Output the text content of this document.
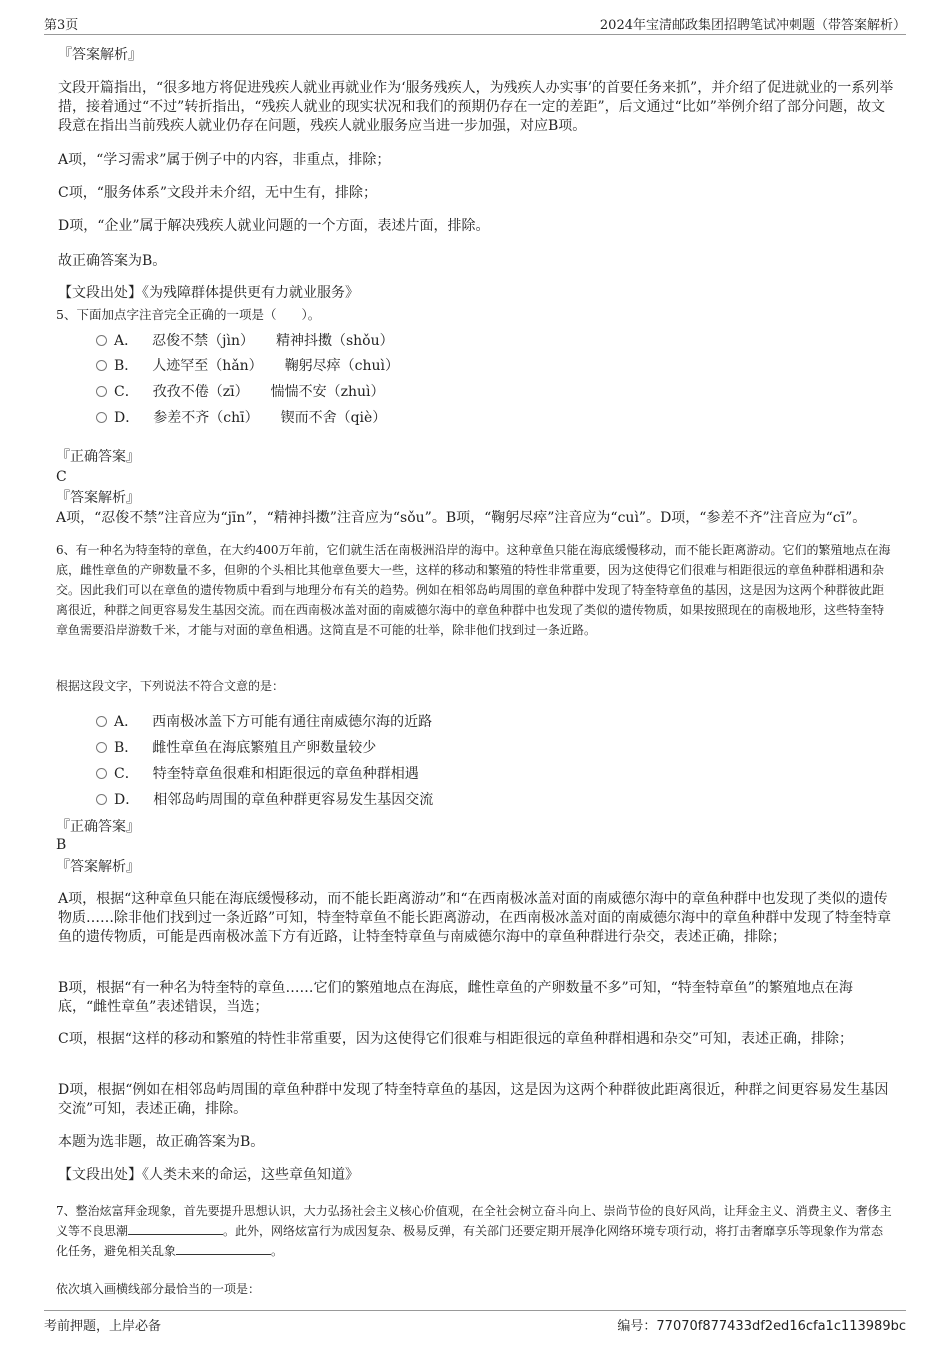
第3页	2024年宝清邮政集团招聘笔试冲刺题（带答案解析）

『答案解析』

文段开篇指出，“很多地方将促进残疾人就业再就业作为‘服务残疾人，为残疾人办实事’的首要任务来抓”，并介绍了促进就业的一系列举措，接着通过“不过”转折指出，“残疾人就业的现实状况和我们的预期仍存在一定的差距”，后文通过“比如”举例介绍了部分问题，故文段意在指出当前残疾人就业仍存在问题，残疾人就业服务应当进一步加强，对应B项。

A项，“学习需求”属于例子中的内容，非重点，排除；

C项，“服务体系”文段并未介绍，无中生有，排除；

D项，“企业”属于解决残疾人就业问题的一个方面，表述片面，排除。

故正确答案为B。

【文段出处】《为残障群体提供更有力就业服务》

5、下面加点字注音完全正确的一项是（　　）。

A． 忍俊不禁（jìn） 精神抖擞（shǒu）
B． 人迹罕至（hǎn） 鞠躬尽瘁（chuì）
C． 孜孜不倦（zī） 惴惴不安（zhuì）
D． 参差不齐（chī） 锲而不舍（qiè）

『正确答案』

C

『答案解析』

A项，“忍俊不禁”注音应为“jīn”，“精神抖擞”注音应为“sǒu”。B项，“鞠躬尽瘁”注音应为“cuì”。D项，“参差不齐”注音应为“cī”。

6、有一种名为特奎特的章鱼，在大约400万年前，它们就生活在南极洲沿岸的海中。这种章鱼只能在海底缓慢移动，而不能长距离游动。它们的繁殖地点在海底，雌性章鱼的产卵数量不多，但卵的个头相比其他章鱼要大一些，这样的移动和繁殖的特性非常重要，因为这使得它们很难与相距很远的章鱼种群相遇和杂交。因此我们可以在章鱼的遗传物质中看到与地理分布有关的趋势。例如在相邻岛屿周围的章鱼种群中发现了特奎特章鱼的基因，这是因为这两个种群彼此距离很近，种群之间更容易发生基因交流。而在西南极冰盖对面的南威德尔海中的章鱼种群中也发现了类似的遗传物质，如果按照现在的南极地形，这些特奎特章鱼需要沿岸游数千米，才能与对面的章鱼相遇。这简直是不可能的壮举，除非他们找到过一条近路。

根据这段文字，下列说法不符合文意的是：

A． 西南极冰盖下方可能有通往南威德尔海的近路
B． 雌性章鱼在海底繁殖且产卵数量较少
C． 特奎特章鱼很难和相距很远的章鱼种群相遇
D． 相邻岛屿周围的章鱼种群更容易发生基因交流

『正确答案』

B

『答案解析』

A项，根据“这种章鱼只能在海底缓慢移动，而不能长距离游动”和“在西南极冰盖对面的南威德尔海中的章鱼种群中也发现了类似的遗传物质……除非他们找到过一条近路”可知，特奎特章鱼不能长距离游动，在西南极冰盖对面的南威德尔海中的章鱼种群中发现了特奎特章鱼的遗传物质，可能是西南极冰盖下方有近路，让特奎特章鱼与南威德尔海中的章鱼种群进行杂交，表述正确，排除；

B项，根据“有一种名为特奎特的章鱼……它们的繁殖地点在海底，雌性章鱼的产卵数量不多”可知，“特奎特章鱼”的繁殖地点在海底，“雌性章鱼”表述错误，当选；

C项，根据“这样的移动和繁殖的特性非常重要，因为这使得它们很难与相距很远的章鱼种群相遇和杂交”可知，表述正确，排除；

D项，根据“例如在相邻岛屿周围的章鱼种群中发现了特奎特章鱼的基因，这是因为这两个种群彼此距离很近，种群之间更容易发生基因交流”可知，表述正确，排除。

本题为选非题，故正确答案为B。

【文段出处】《人类未来的命运，这些章鱼知道》

7、整治炫富拜金现象，首先要提升思想认识，大力弘扬社会主义核心价值观，在全社会树立奋斗向上、崇尚节俭的良好风尚，让拜金主义、消费主义、奢侈主义等不良思潮	。此外，网络炫富行为成因复杂、极易反弹，有关部门还要定期开展净化网络环境专项行动，将打击奢靡享乐等现象作为常态化任务，避免相关乱象	。

依次填入画横线部分最恰当的一项是：

考前押题，上岸必备	编号：77070f877433df2ed16cfa1c113989bc
